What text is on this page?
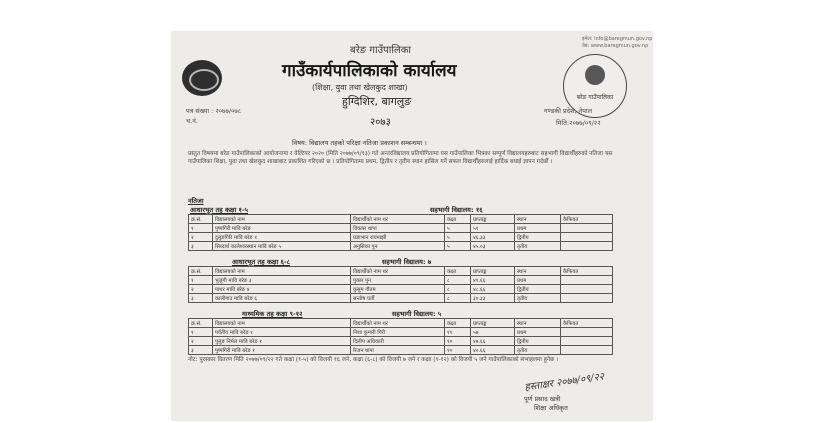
इमेल: info@baregmun.gov.np
वेब: www.baregmun.gov.np
बरेङ गाउँपालिका
गाउँकार्यपालिकाको कार्यालय
(शिक्षा, युवा तथा खेलकुद शाखा)
हुग्दिशिर, बागलुङ	बरेङ गाउँपालिका
पत्र संख्या : २०७७/०७८
च.नं.	२०७३
गण्डकी प्रदेश, नेपाल
मिति:२०७७/०९/२२
विषय: विद्यालय तहको परिक्षा नतिजा प्रकाशन सम्बन्धमा ।
प्रस्तुत विषयमा बरेङ गाउँपालिकाको आयोजनामा र वेल्टियर २०२० (मिति २०७७/०९/१३) गते अन्तरविद्यालय प्रतियोगितामा यस गाउँपालिका भित्रका सम्पूर्ण विद्यालयहरुबाट सहभागी विद्यार्थीहरुको नतिजा यस गाउँपालिका शिक्षा, युवा तथा खेलकुद शाखाबाट प्रकाशित गरिएको छ । प्रतियोगितामा प्रथम, द्वितीय र तृतीय स्थान हासिल गर्ने सफल विद्यार्थीहरुलाई हार्दिक बधाई ज्ञापन गर्दछौं ।
नतिजा
आधारभूत तह कक्षा १-५	सहभागी विद्यालय: १६
क्र.सं.	विद्यालयको नाम	विद्यार्थीको नाम थर	कक्षा	प्राप्ताङ्क	स्थान	कैफियत
१	पुष्पगिरी मावि बरेङ	विकास थापा	५	५१	प्रथम	
२	दुलुङगिरि मावि बरेङ १	प्रज्ञाभान रायमाझी	५	४६.३३	द्वितीय	
३	सिध्दार्थ कालेश्वरस्थान मावि बरेङ ५	अनुसिका पुन	५	४५.०३	तृतीय	
आधारभूत तह कक्षा ६-८	सहभागी विद्यालय: ७
क्र.सं.	विद्यालयको नाम	विद्यार्थीको नाम थर	कक्षा	प्राप्ताङ्क	स्थान	कैफियत
१	भुजुंगी मावि बरेङ ३	पुकार पुन	८	४९.६६	प्रथम	
२	पाथर मावि बरेङ ४	कुसुम गौतम	८	४८.६६	द्वितीय	
३	कालीगाउ मावि बरेङ ६	सन्तोष घर्ती	८	३०.३३	तृतीय	
माध्यमिक तह कक्षा ९-१२	सहभागी विद्यालय: ५
क्र.सं.	विद्यालयको नाम	विद्यार्थीको नाम थर	कक्षा	प्राप्ताङ्क	स्थान	कैफियत
१	पर्वतीय मावि बरेङ १	निशा कुमारी गिरी	११	५७	प्रथम	
२	पुलुङ निर्मल मावि बरेङ १	दिलीप अधिकारी	१०	४७.६६	द्वितीय	
३	पुष्पगिरी मावि बरेङ १	रिजन थापा	१०	४०.६६	तृतीय	
नोट: पुरस्कार वितरण मिति २०७७/०९/२२ गते कक्षा (१-५) को विजयी १६ जने, कक्षा (६-८) को विजयी ७ जने र कक्षा (९-१२) को विजयी ५ जने गाउँपालिकाको सभाहलमा हुनेछ ।
हस्ताक्षर २०७७/०९/२२
पूर्ण प्रसाद खत्री
शिक्षा अधिकृत
